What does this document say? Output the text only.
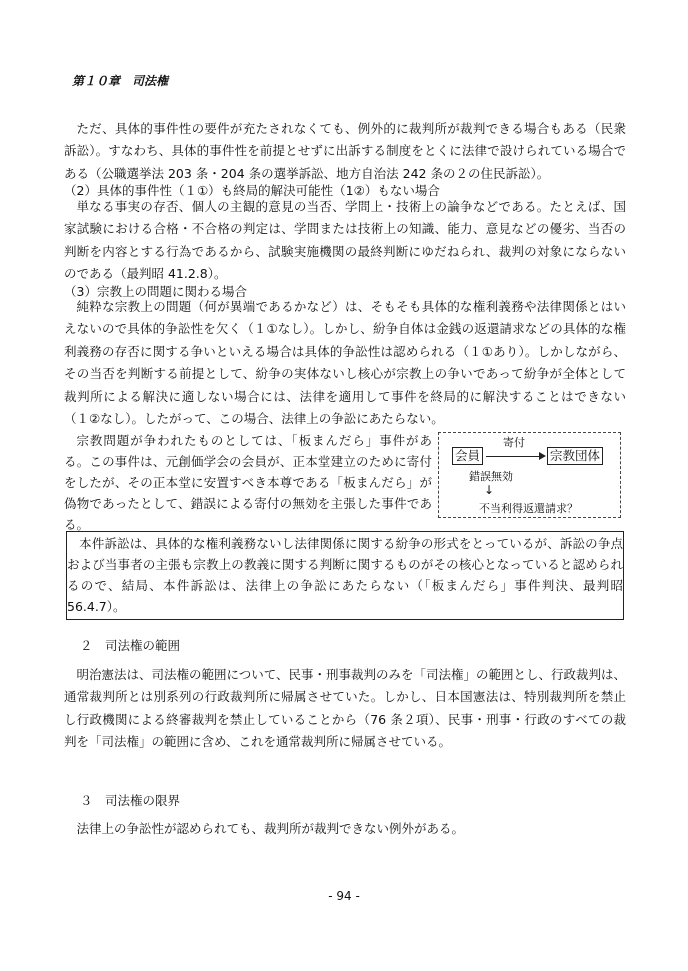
第１０章　司法権

ただ、具体的事件性の要件が充たされなくても、例外的に裁判所が裁判できる場合もある（民衆訴訟）。すなわち、具体的事件性を前提とせずに出訴する制度をとくに法律で設けられている場合である（公職選挙法 203 条・204 条の選挙訴訟、地方自治法 242 条の２の住民訴訟）。

（2）具体的事件性（１①）も終局的解決可能性（1②）もない場合

単なる事実の存否、個人の主観的意見の当否、学問上・技術上の論争などである。たとえば、国家試験における合格・不合格の判定は、学問または技術上の知識、能力、意見などの優劣、当否の判断を内容とする行為であるから、試験実施機関の最終判断にゆだねられ、裁判の対象にならないのである（最判昭 41.2.8）。

（3）宗教上の問題に関わる場合

純粋な宗教上の問題（何が異端であるかなど）は、そもそも具体的な権利義務や法律関係とはいえないので具体的争訟性を欠く（１①なし）。しかし、紛争自体は金銭の返還請求などの具体的な権利義務の存否に関する争いといえる場合は具体的争訟性は認められる（１①あり）。しかしながら、その当否を判断する前提として、紛争の実体ないし核心が宗教上の争いであって紛争が全体として裁判所による解決に適しない場合には、法律を適用して事件を終局的に解決することはできない（１②なし）。したがって、この場合、法律上の争訟にあたらない。

宗教問題が争われたものとしては、「板まんだら」事件がある。この事件は、元創価学会の会員が、正本堂建立のために寄付をしたが、その正本堂に安置すべき本尊である「板まんだら」が偽物であったとして、錯誤による寄付の無効を主張した事件である。

寄付
会員	宗教団体
錯誤無効
↓
不当利得返還請求？
本件訴訟は、具体的な権利義務ないし法律関係に関する紛争の形式をとっているが、訴訟の争点および当事者の主張も宗教上の教義に関する判断に関するものがその核心となっていると認められるので、結局、本件訴訟は、法律上の争訟にあたらない（「板まんだら」事件判決、最判昭 56.4.7）。
２　司法権の範囲

明治憲法は、司法権の範囲について、民事・刑事裁判のみを「司法権」の範囲とし、行政裁判は、通常裁判所とは別系列の行政裁判所に帰属させていた。しかし、日本国憲法は、特別裁判所を禁止し行政機関による終審裁判を禁止していることから（76 条２項）、民事・刑事・行政のすべての裁判を「司法権」の範囲に含め、これを通常裁判所に帰属させている。

３　司法権の限界

法律上の争訟性が認められても、裁判所が裁判できない例外がある。

- 94 -
